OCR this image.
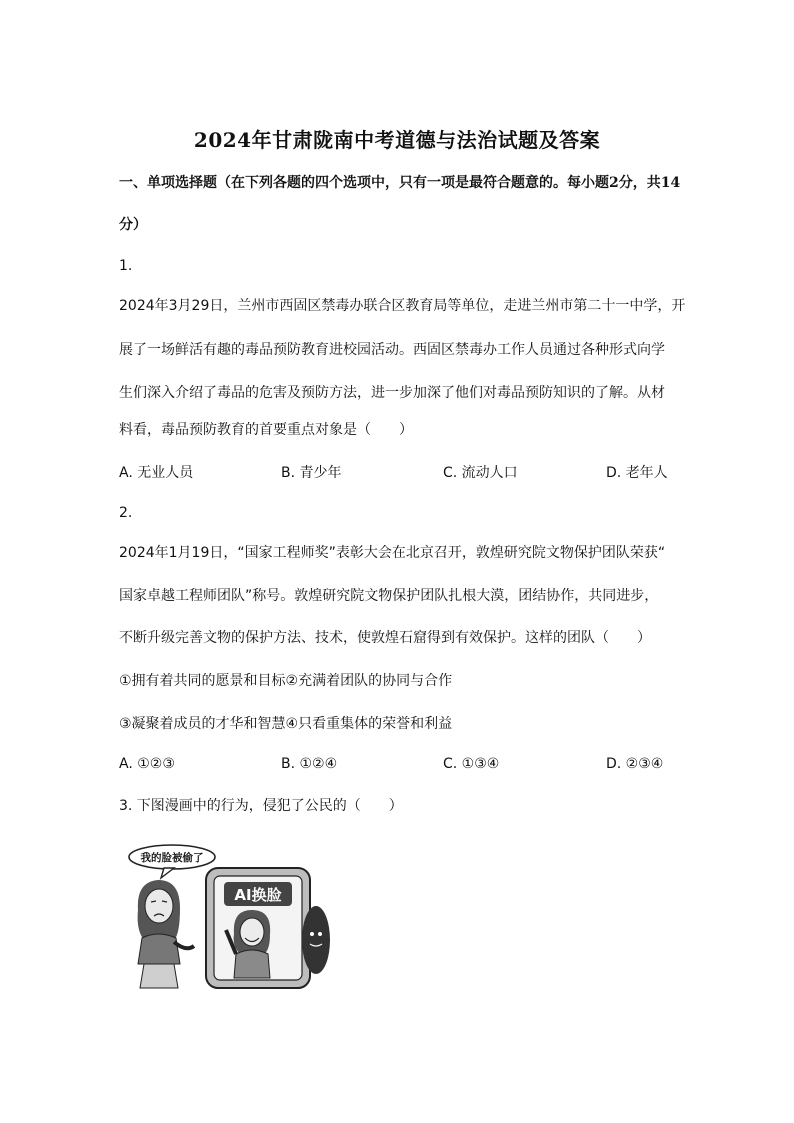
2024年甘肃陇南中考道德与法治试题及答案
一、单项选择题（在下列各题的四个选项中，只有一项是最符合题意的。每小题2分，共14
分）
1.
2024年3月29日，兰州市西固区禁毒办联合区教育局等单位，走进兰州市第二十一中学，开
展了一场鲜活有趣的毒品预防教育进校园活动。西固区禁毒办工作人员通过各种形式向学
生们深入介绍了毒品的危害及预防方法，进一步加深了他们对毒品预防知识的了解。从材
料看，毒品预防教育的首要重点对象是（　　）
A. 无业人员	B. 青少年	C. 流动人口	D. 老年人
2.
2024年1月19日，“国家工程师奖”表彰大会在北京召开，敦煌研究院文物保护团队荣获“
国家卓越工程师团队”称号。敦煌研究院文物保护团队扎根大漠，团结协作，共同进步，
不断升级完善文物的保护方法、技术，使敦煌石窟得到有效保护。这样的团队（　　）
①拥有着共同的愿景和目标②充满着团队的协同与合作
③凝聚着成员的才华和智慧④只看重集体的荣誉和利益
A. ①②③	B. ①②④	C. ①③④	D. ②③④
3. 下图漫画中的行为，侵犯了公民的（　　）
我的脸被偷了
AI换脸
